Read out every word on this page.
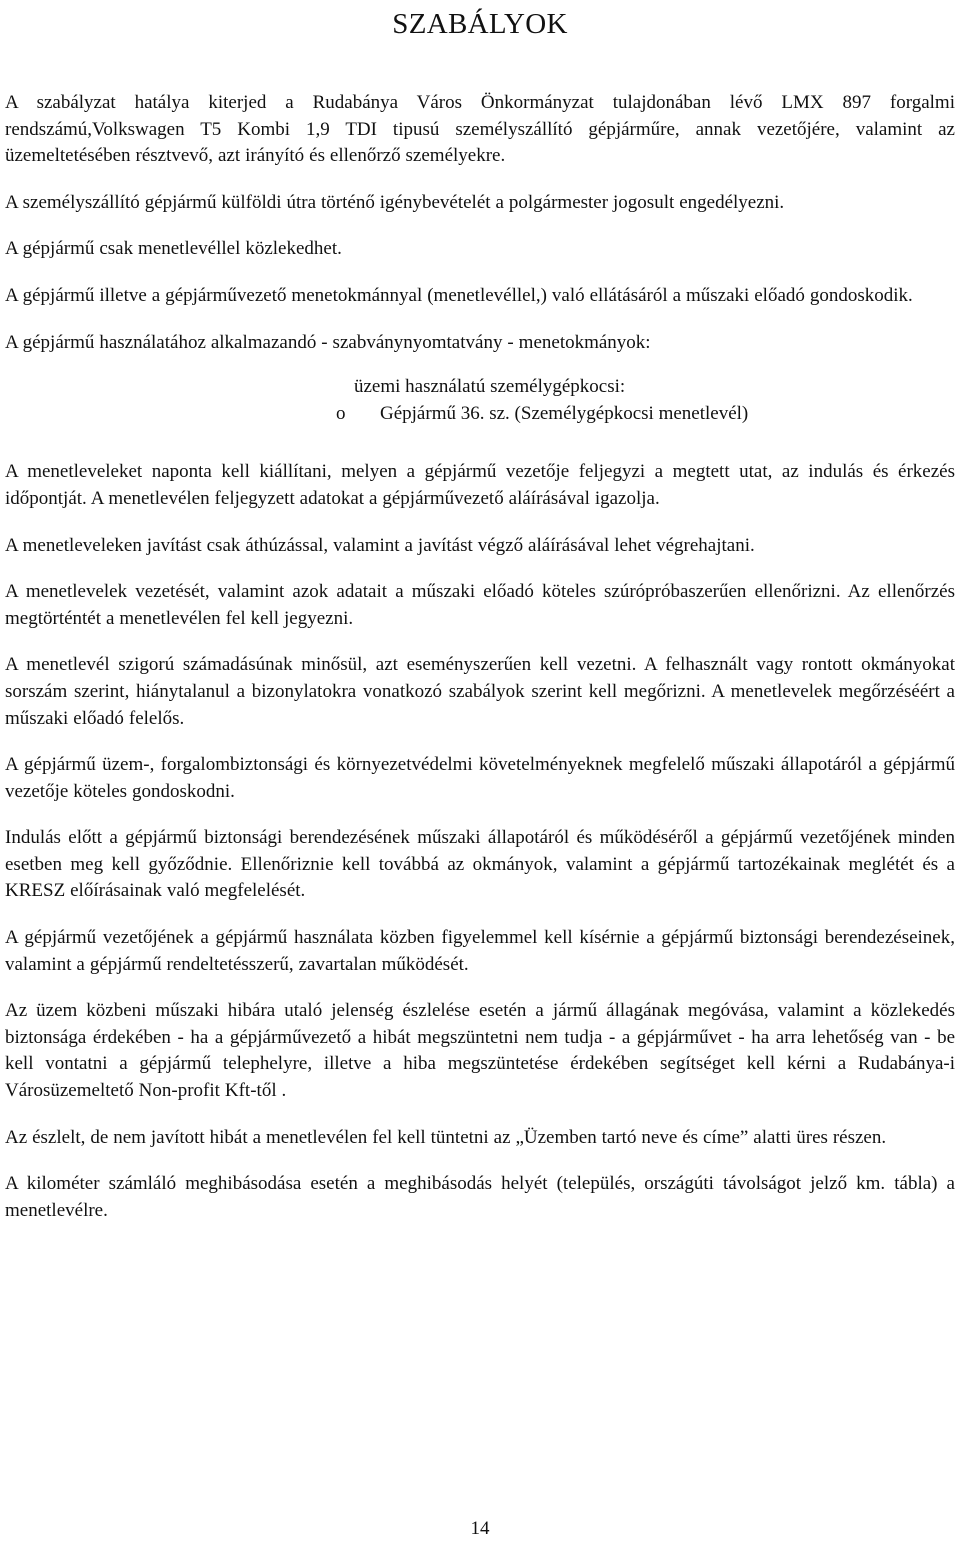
SZABÁLYOK

A szabályzat hatálya kiterjed a Rudabánya Város Önkormányzat tulajdonában lévő LMX 897 forgalmi rendszámú,Volkswagen T5 Kombi 1,9 TDI tipusú személyszállító gépjárműre, annak vezetőjére, valamint az üzemeltetésében résztvevő, azt irányító és ellenőrző személyekre.

A személyszállító gépjármű külföldi útra történő igénybevételét a polgármester jogosult engedélyezni.

A gépjármű csak menetlevéllel közlekedhet.

A gépjármű illetve a gépjárművezető menetokmánnyal (menetlevéllel,) való ellátásáról a műszaki előadó gondoskodik.

A gépjármű használatához alkalmazandó - szabványnyomtatvány - menetokmányok:

üzemi használatú személygépkocsi:
o	Gépjármű 36. sz. (Személygépkocsi menetlevél)

A menetleveleket naponta kell kiállítani, melyen a gépjármű vezetője feljegyzi a megtett utat, az indulás és érkezés időpontját. A menetlevélen feljegyzett adatokat a gépjárművezető aláírásával igazolja.

A menetleveleken javítást csak áthúzással, valamint a javítást végző aláírásával lehet végrehajtani.

A menetlevelek vezetését, valamint azok adatait a műszaki előadó köteles szúrópróbaszerűen ellenőrizni. Az ellenőrzés megtörténtét a menetlevélen fel kell jegyezni.

A menetlevél szigorú számadásúnak minősül, azt eseményszerűen kell vezetni. A felhasznált vagy rontott okmányokat sorszám szerint, hiánytalanul a bizonylatokra vonatkozó szabályok szerint kell megőrizni. A menetlevelek megőrzéséért a műszaki előadó felelős.

A gépjármű üzem-, forgalombiztonsági és környezetvédelmi követelményeknek megfelelő műszaki állapotáról a gépjármű vezetője köteles gondoskodni.

Indulás előtt a gépjármű biztonsági berendezésének műszaki állapotáról és működéséről a gépjármű vezetőjének minden esetben meg kell győződnie. Ellenőriznie kell továbbá az okmányok, valamint a gépjármű tartozékainak meglétét és a KRESZ előírásainak való megfelelését.

A gépjármű vezetőjének a gépjármű használata közben figyelemmel kell kísérnie a gépjármű biztonsági berendezéseinek, valamint a gépjármű rendeltetésszerű, zavartalan működését.

Az üzem közbeni műszaki hibára utaló jelenség észlelése esetén a jármű állagának megóvása, valamint a közlekedés biztonsága érdekében - ha a gépjárművezető a hibát megszüntetni nem tudja - a gépjárművet - ha arra lehetőség van - be kell vontatni a gépjármű telephelyre, illetve a hiba megszüntetése érdekében segítséget kell kérni a Rudabánya-i Városüzemeltető Non-profit Kft-től .

Az észlelt, de nem javított hibát a menetlevélen fel kell tüntetni az „Üzemben tartó neve és címe” alatti üres részen.

A kilométer számláló meghibásodása esetén a meghibásodás helyét (település, országúti távolságot jelző km. tábla) a menetlevélre.

14
